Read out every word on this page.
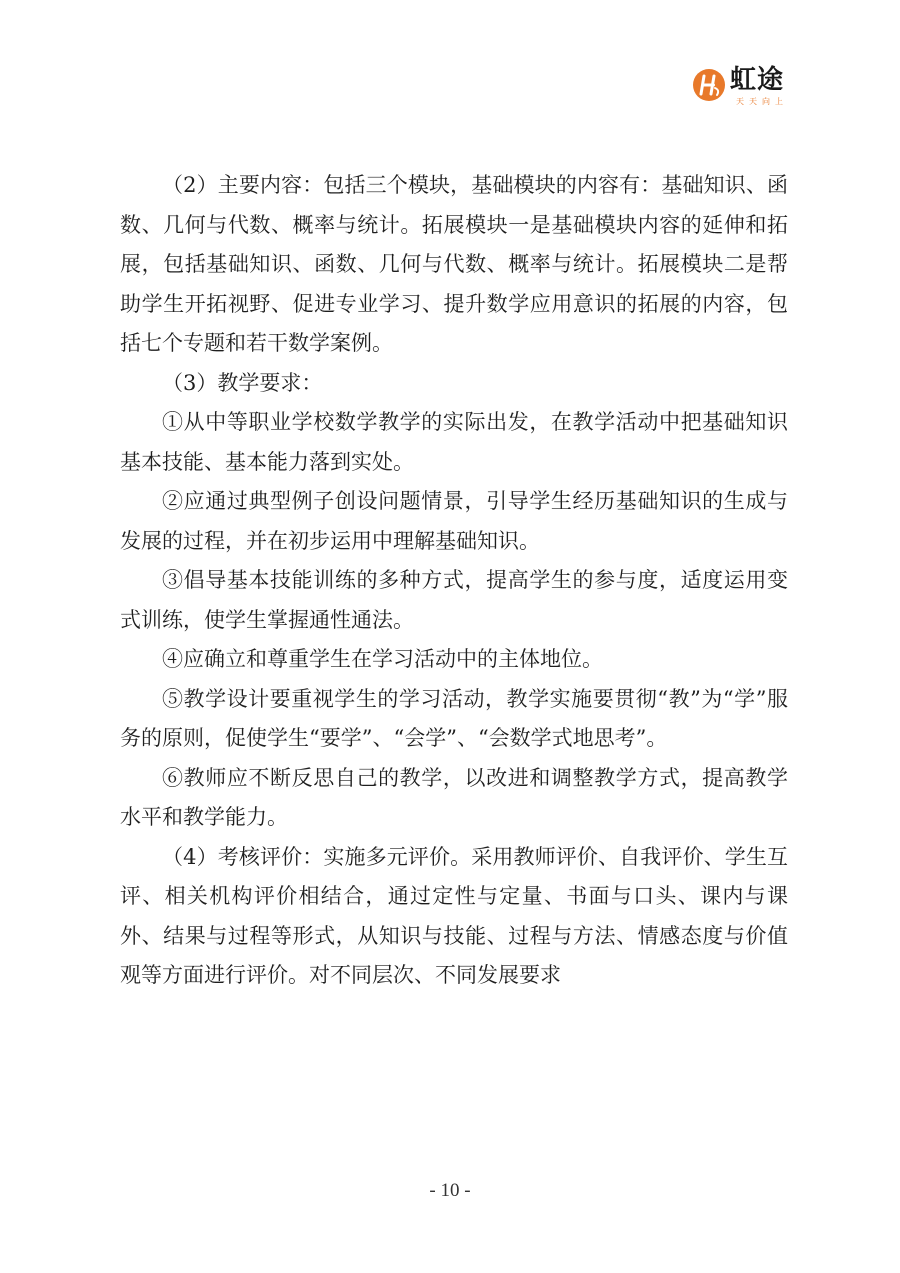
虹途
天天向上

（2）主要内容：包括三个模块，基础模块的内容有：基础知识、函数、几何与代数、概率与统计。拓展模块一是基础模块内容的延伸和拓展，包括基础知识、函数、几何与代数、概率与统计。拓展模块二是帮助学生开拓视野、促进专业学习、提升数学应用意识的拓展的内容，包括七个专题和若干数学案例。

（3）教学要求：

①从中等职业学校数学教学的实际出发，在教学活动中把基础知识基本技能、基本能力落到实处。

②应通过典型例子创设问题情景，引导学生经历基础知识的生成与发展的过程，并在初步运用中理解基础知识。

③倡导基本技能训练的多种方式，提高学生的参与度，适度运用变式训练，使学生掌握通性通法。

④应确立和尊重学生在学习活动中的主体地位。

⑤教学设计要重视学生的学习活动，教学实施要贯彻“教”为“学”服务的原则，促使学生“要学”、“会学”、“会数学式地思考”。

⑥教师应不断反思自己的教学，以改进和调整教学方式，提高教学水平和教学能力。

（4）考核评价：实施多元评价。采用教师评价、自我评价、学生互评、相关机构评价相结合，通过定性与定量、书面与口头、课内与课外、结果与过程等形式，从知识与技能、过程与方法、情感态度与价值观等方面进行评价。对不同层次、不同发展要求

- 10 -
